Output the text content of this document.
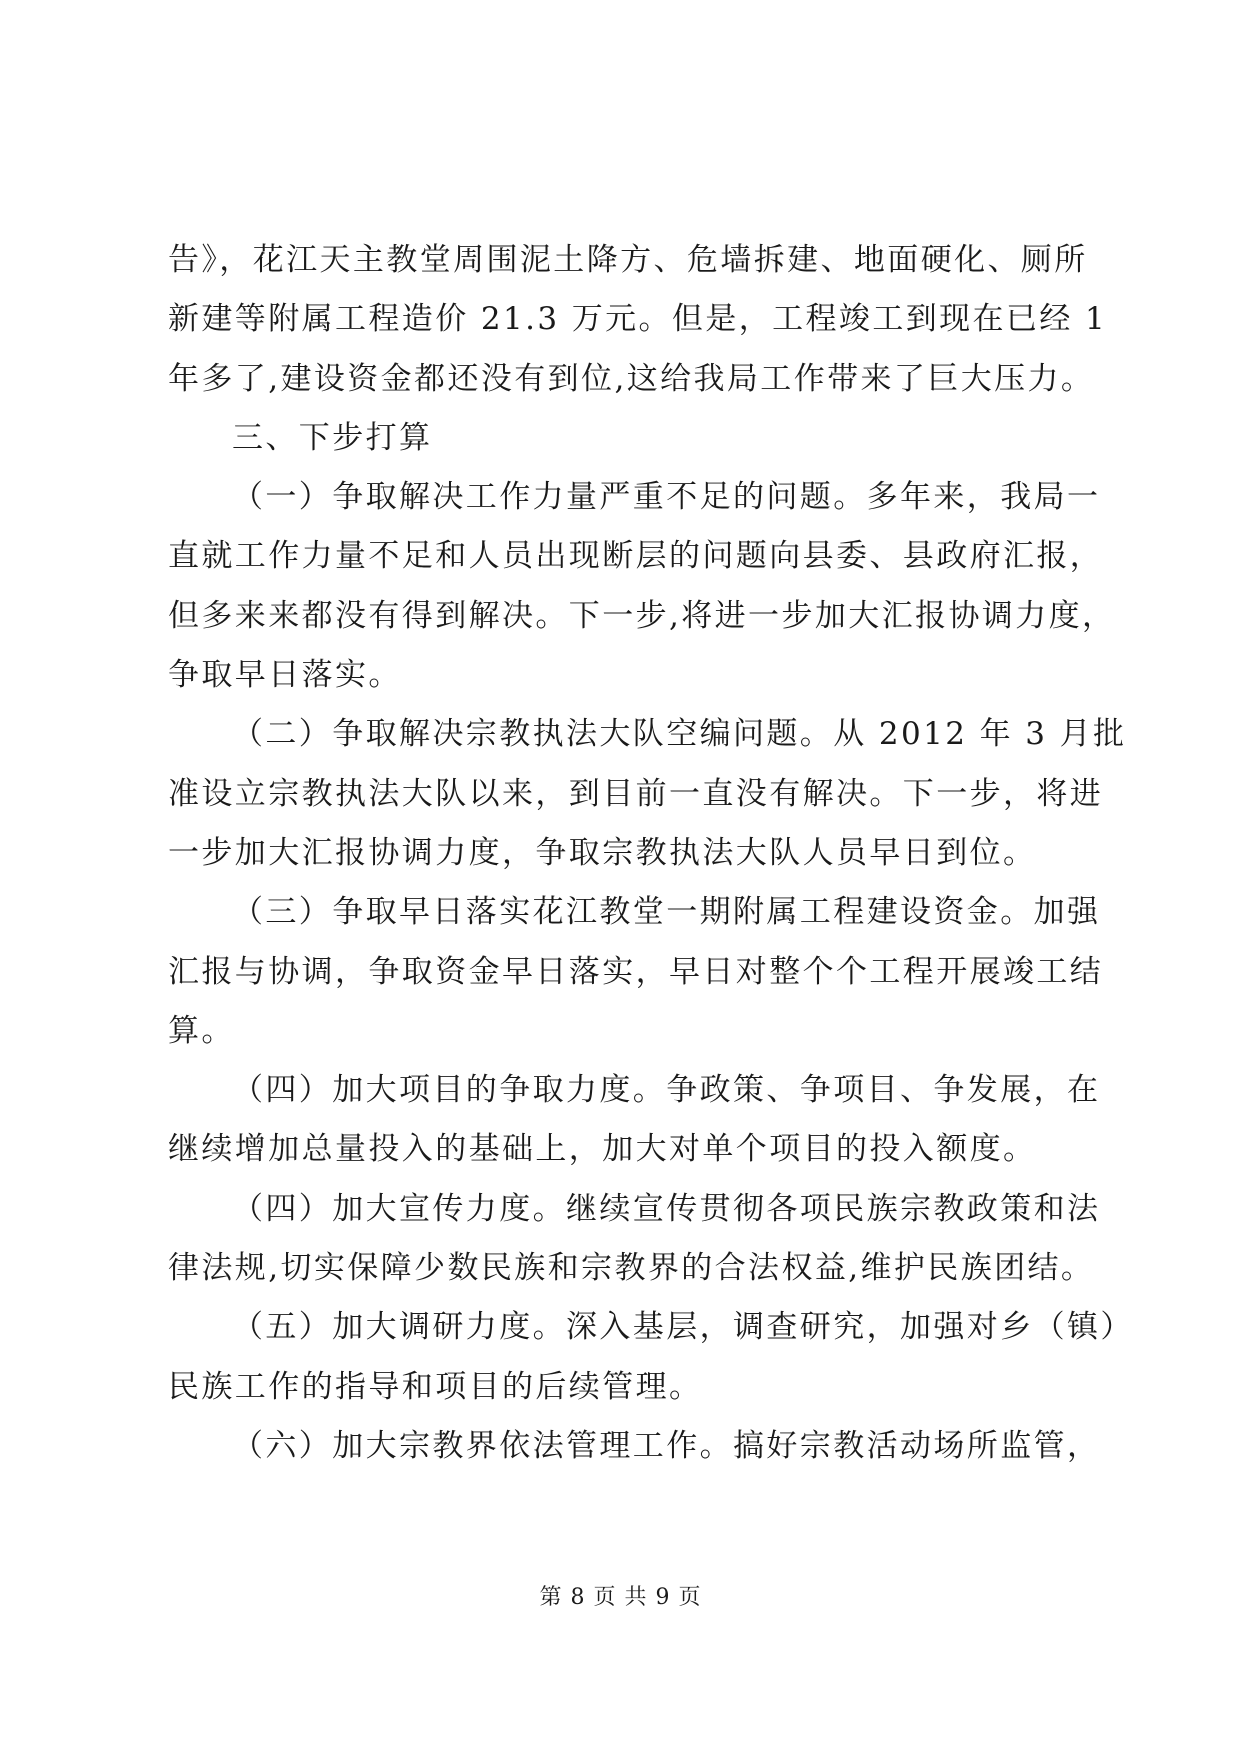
告》，花江天主教堂周围泥土降方、危墙拆建、地面硬化、厕所
新建等附属工程造价 21.3 万元。但是，工程竣工到现在已经 1
年多了,建设资金都还没有到位,这给我局工作带来了巨大压力。
三、下步打算
（一）争取解决工作力量严重不足的问题。多年来，我局一
直就工作力量不足和人员出现断层的问题向县委、县政府汇报，
但多来来都没有得到解决。下一步,将进一步加大汇报协调力度，
争取早日落实。
（二）争取解决宗教执法大队空编问题。从 2012 年 3 月批
准设立宗教执法大队以来，到目前一直没有解决。下一步，将进
一步加大汇报协调力度，争取宗教执法大队人员早日到位。
（三）争取早日落实花江教堂一期附属工程建设资金。加强
汇报与协调，争取资金早日落实，早日对整个个工程开展竣工结
算。
（四）加大项目的争取力度。争政策、争项目、争发展，在
继续增加总量投入的基础上，加大对单个项目的投入额度。
（四）加大宣传力度。继续宣传贯彻各项民族宗教政策和法
律法规,切实保障少数民族和宗教界的合法权益,维护民族团结。
（五）加大调研力度。深入基层，调查研究，加强对乡（镇）
民族工作的指导和项目的后续管理。
（六）加大宗教界依法管理工作。搞好宗教活动场所监管，
第 8 页 共 9 页
